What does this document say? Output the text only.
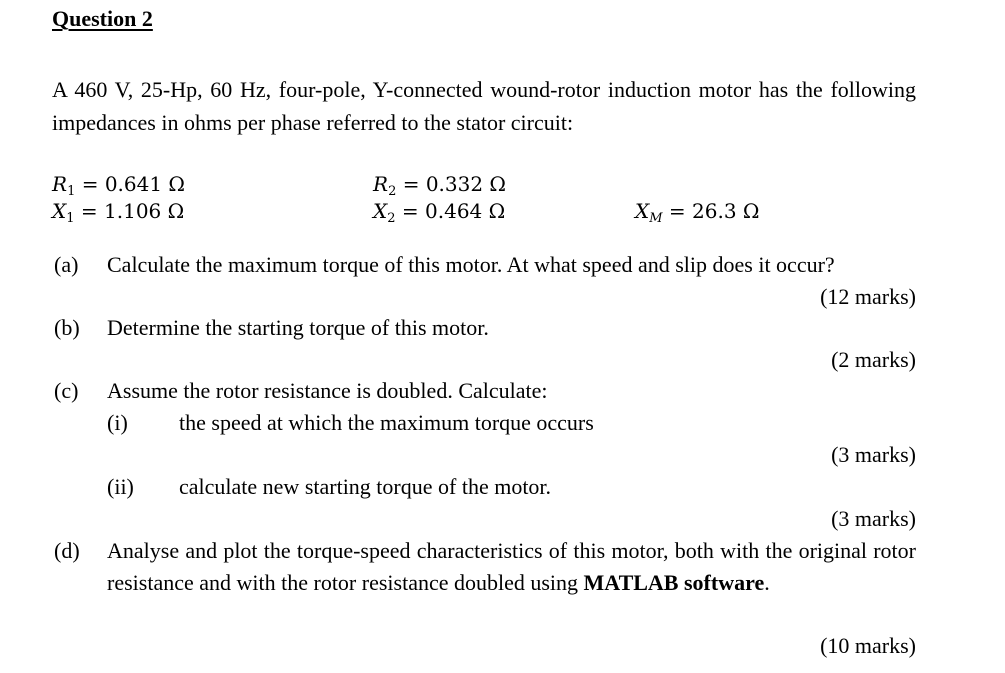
Question 2

A 460 V, 25-Hp, 60 Hz, four-pole, Y-connected wound-rotor induction motor has the following impedances in ohms per phase referred to the stator circuit:

$R_1 = 0.641$ Ω
$X_1 = 1.106$ Ω
$R_2 = 0.332$ Ω
$X_2 = 0.464$ Ω	$X_M = 26.3$ Ω
(a) Calculate the maximum torque of this motor. At what speed and slip does it occur?
(12 marks)
(b) Determine the starting torque of this motor.
(2 marks)
(c) Assume the rotor resistance is doubled. Calculate:
(i) the speed at which the maximum torque occurs
(3 marks)
(ii) calculate new starting torque of the motor.
(3 marks)
(d) Analyse and plot the torque-speed characteristics of this motor, both with the original rotor resistance and with the rotor resistance doubled using MATLAB software.
(10 marks)
